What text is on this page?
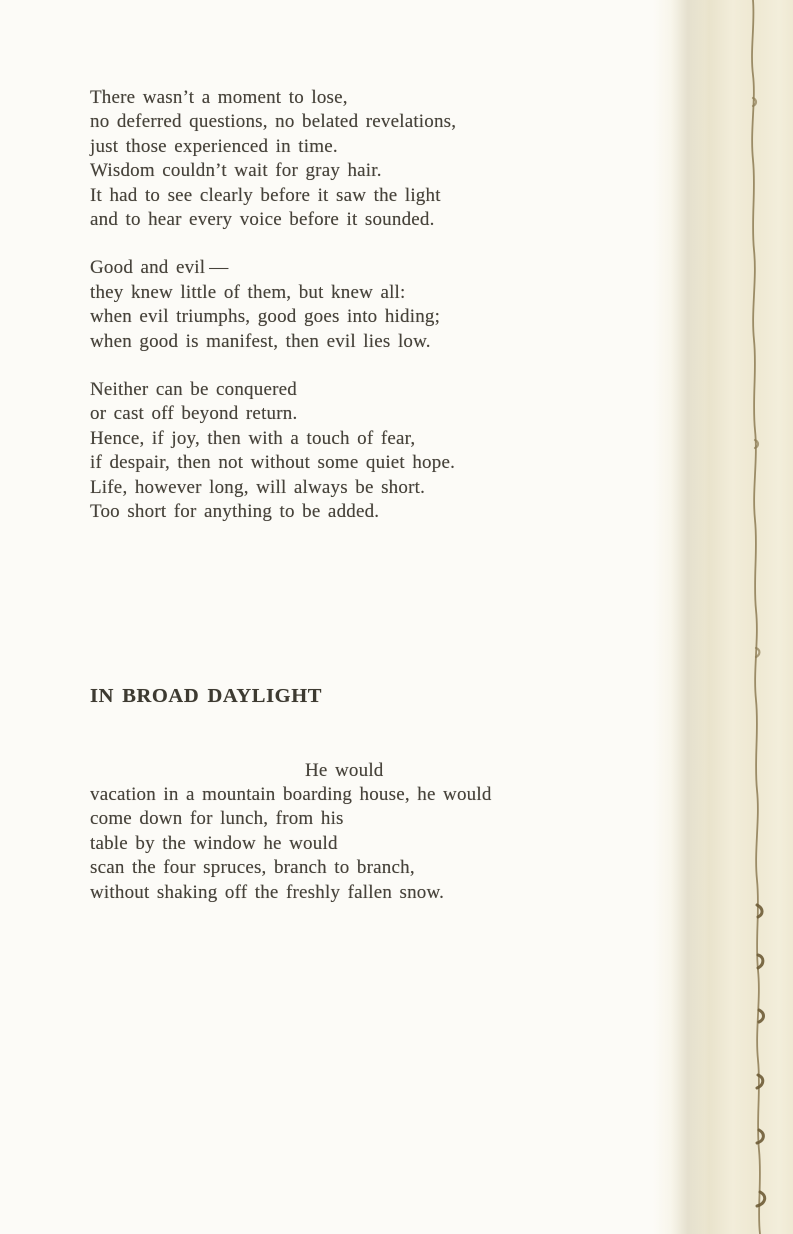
There wasn’t a moment to lose,
no deferred questions, no belated revelations,
just those experienced in time.
Wisdom couldn’t wait for gray hair.
It had to see clearly before it saw the light
and to hear every voice before it sounded.
Good and evil —
they knew little of them, but knew all:
when evil triumphs, good goes into hiding;
when good is manifest, then evil lies low.
Neither can be conquered
or cast off beyond return.
Hence, if joy, then with a touch of fear,
if despair, then not without some quiet hope.
Life, however long, will always be short.
Too short for anything to be added.
IN BROAD DAYLIGHT
He would
vacation in a mountain boarding house, he would
come down for lunch, from his
table by the window he would
scan the four spruces, branch to branch,
without shaking off the freshly fallen snow.
